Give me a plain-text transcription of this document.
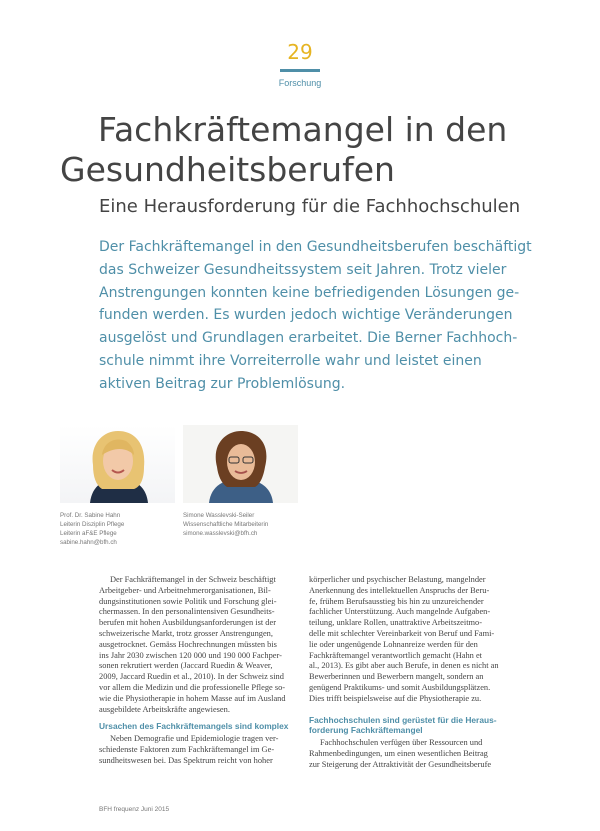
29
Forschung
Fachkräftemangel in den
Gesundheitsberufen
Eine Herausforderung für die Fachhochschulen
Der Fachkräftemangel in den Gesundheitsberufen beschäftigt
das Schweizer Gesundheitssystem seit Jahren. Trotz vieler
Anstrengungen konnten keine befriedigenden Lösungen ge-
funden werden. Es wurden jedoch wichtige Veränderungen
ausgelöst und Grundlagen erarbeitet. Die Berner Fachhoch-
schule nimmt ihre Vorreiterrolle wahr und leistet einen
aktiven Beitrag zur Problemlösung.
Prof. Dr. Sabine Hahn
Leiterin Disziplin Pflege
Leiterin aF&E Pflege
sabine.hahn@bfh.ch
Simone Wasslevski-Seiler
Wissenschaftliche Mitarbeiterin
simone.wasslevski@bfh.ch
Der Fachkräftemangel in der Schweiz beschäftigt
Arbeitgeber- und Arbeitnehmerorganisationen, Bil-
dungsinstitutionen sowie Politik und Forschung glei-
chermassen. In den personalintensiven Gesundheits-
berufen mit hohen Ausbildungsanforderungen ist der
schweizerische Markt, trotz grosser Anstrengungen,
ausgetrocknet. Gemäss Hochrechnungen müssten bis
ins Jahr 2030 zwischen 120 000 und 190 000 Fachper-
sonen rekrutiert werden (Jaccard Ruedin & Weaver,
2009, Jaccard Ruedin et al., 2010). In der Schweiz sind
vor allem die Medizin und die professionelle Pflege so-
wie die Physiotherapie in hohem Masse auf im Ausland
ausgebildete Arbeitskräfte angewiesen.
Ursachen des Fachkräftemangels sind komplex
Neben Demografie und Epidemiologie tragen ver-
schiedenste Faktoren zum Fachkräftemangel im Ge-
sundheitswesen bei. Das Spektrum reicht von hoher
körperlicher und psychischer Belastung, mangelnder
Anerkennung des intellektuellen Anspruchs der Beru-
fe, frühem Berufsausstieg bis hin zu unzureichender
fachlicher Unterstützung. Auch mangelnde Aufgaben-
teilung, unklare Rollen, unattraktive Arbeitszeitmo-
delle mit schlechter Vereinbarkeit von Beruf und Fami-
lie oder ungenügende Lohnanreize werden für den
Fachkräftemangel verantwortlich gemacht (Hahn et
al., 2013). Es gibt aber auch Berufe, in denen es nicht an
Bewerberinnen und Bewerbern mangelt, sondern an
genügend Praktikums- und somit Ausbildungsplätzen.
Dies trifft beispielsweise auf die Physiotherapie zu.
Fachhochschulen sind gerüstet für die Heraus-
forderung Fachkräftemangel
Fachhochschulen verfügen über Ressourcen und
Rahmenbedingungen, um einen wesentlichen Beitrag
zur Steigerung der Attraktivität der Gesundheitsberufe
BFH frequenz Juni 2015
